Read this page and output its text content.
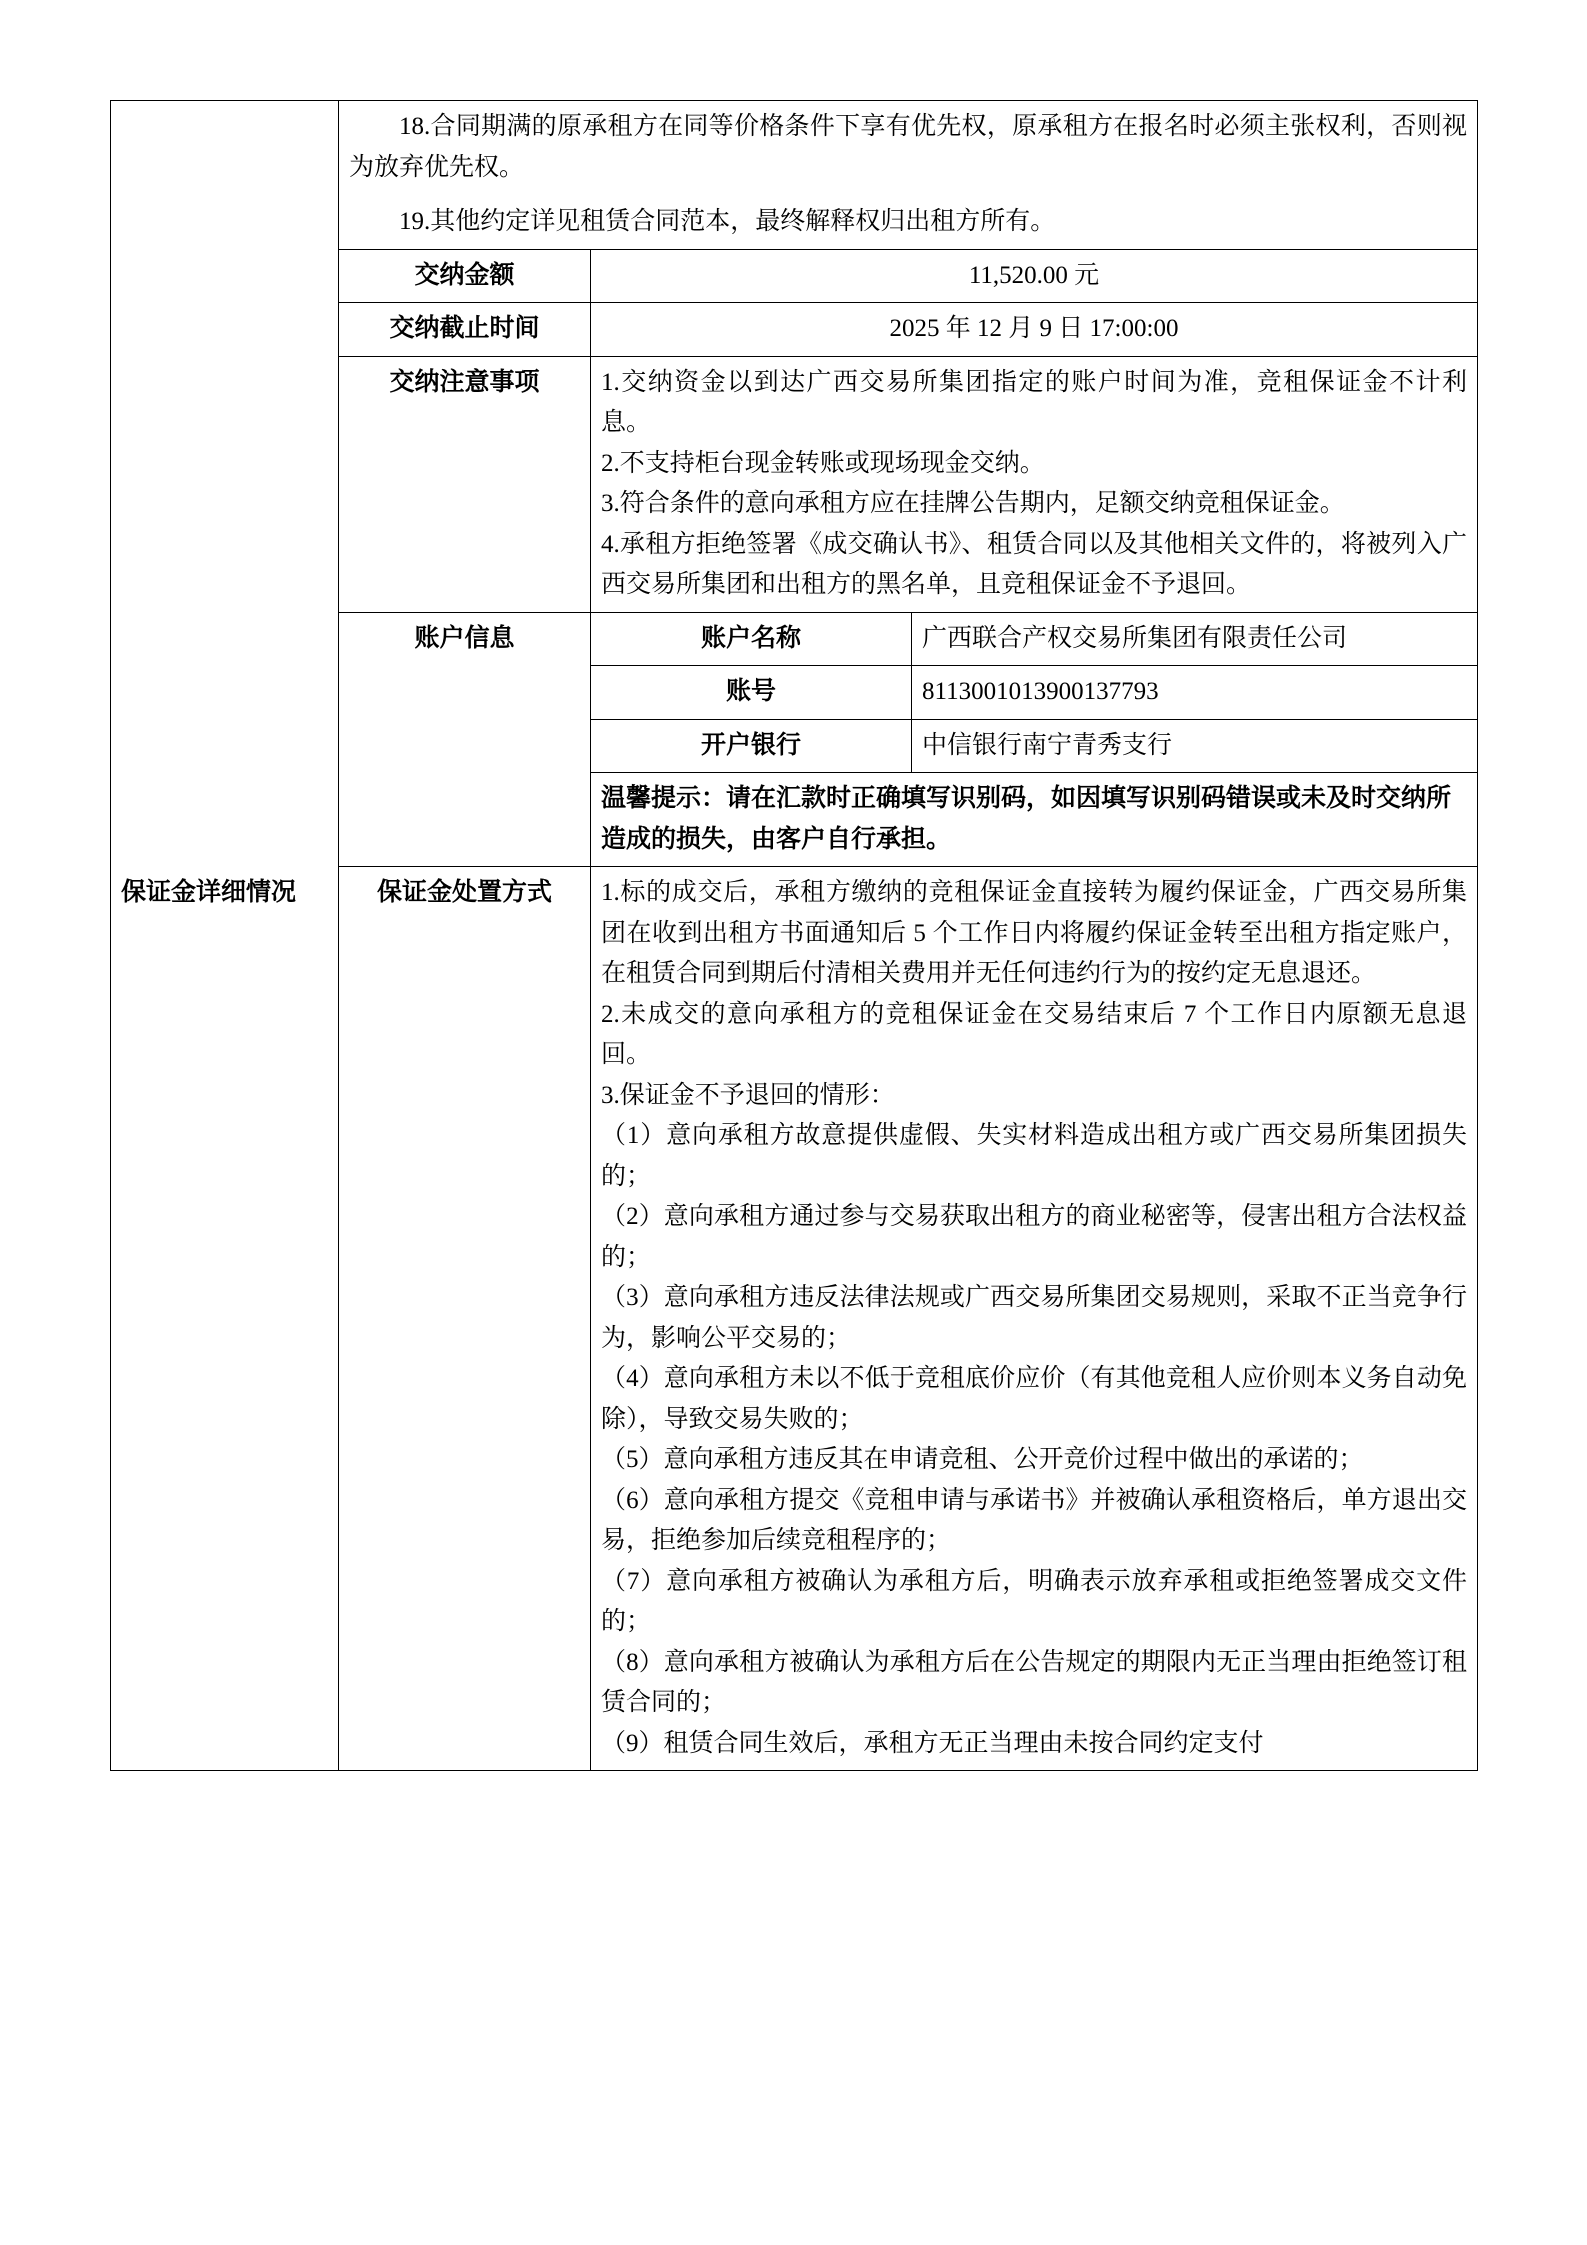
18.合同期满的原承租方在同等价格条件下享有优先权，原承租方在报名时必须主张权利，否则视为放弃优先权。

19.其他约定详见租赁合同范本，最终解释权归出租方所有。

	交纳金额	11,520.00 元
	交纳截止时间	2025 年 12 月 9 日 17:00:00
	交纳注意事项	1.交纳资金以到达广西交易所集团指定的账户时间为准，竞租保证金不计利息。

2.不支持柜台现金转账或现场现金交纳。

3.符合条件的意向承租方应在挂牌公告期内，足额交纳竞租保证金。

4.承租方拒绝签署《成交确认书》、租赁合同以及其他相关文件的，将被列入广西交易所集团和出租方的黑名单，且竞租保证金不予退回。

	账户信息		账户名称	广西联合产权交易所集团有限责任公司
账号	8113001013900137793
开户银行	中信银行南宁青秀支行
温馨提示：请在汇款时正确填写识别码，如因填写识别码错误或未及时交纳所造成的损失，由客户自行承担。

保证金详细情况	保证金处置方式	1.标的成交后，承租方缴纳的竞租保证金直接转为履约保证金，广西交易所集团在收到出租方书面通知后 5 个工作日内将履约保证金转至出租方指定账户，在租赁合同到期后付清相关费用并无任何违约行为的按约定无息退还。

2.未成交的意向承租方的竞租保证金在交易结束后 7 个工作日内原额无息退回。

3.保证金不予退回的情形：

（1）意向承租方故意提供虚假、失实材料造成出租方或广西交易所集团损失的；

（2）意向承租方通过参与交易获取出租方的商业秘密等，侵害出租方合法权益的；

（3）意向承租方违反法律法规或广西交易所集团交易规则，采取不正当竞争行为，影响公平交易的；

（4）意向承租方未以不低于竞租底价应价（有其他竞租人应价则本义务自动免除），导致交易失败的；

（5）意向承租方违反其在申请竞租、公开竞价过程中做出的承诺的；

（6）意向承租方提交《竞租申请与承诺书》并被确认承租资格后，单方退出交易，拒绝参加后续竞租程序的；

（7）意向承租方被确认为承租方后，明确表示放弃承租或拒绝签署成交文件的；

（8）意向承租方被确认为承租方后在公告规定的期限内无正当理由拒绝签订租赁合同的；

（9）租赁合同生效后，承租方无正当理由未按合同约定支付
